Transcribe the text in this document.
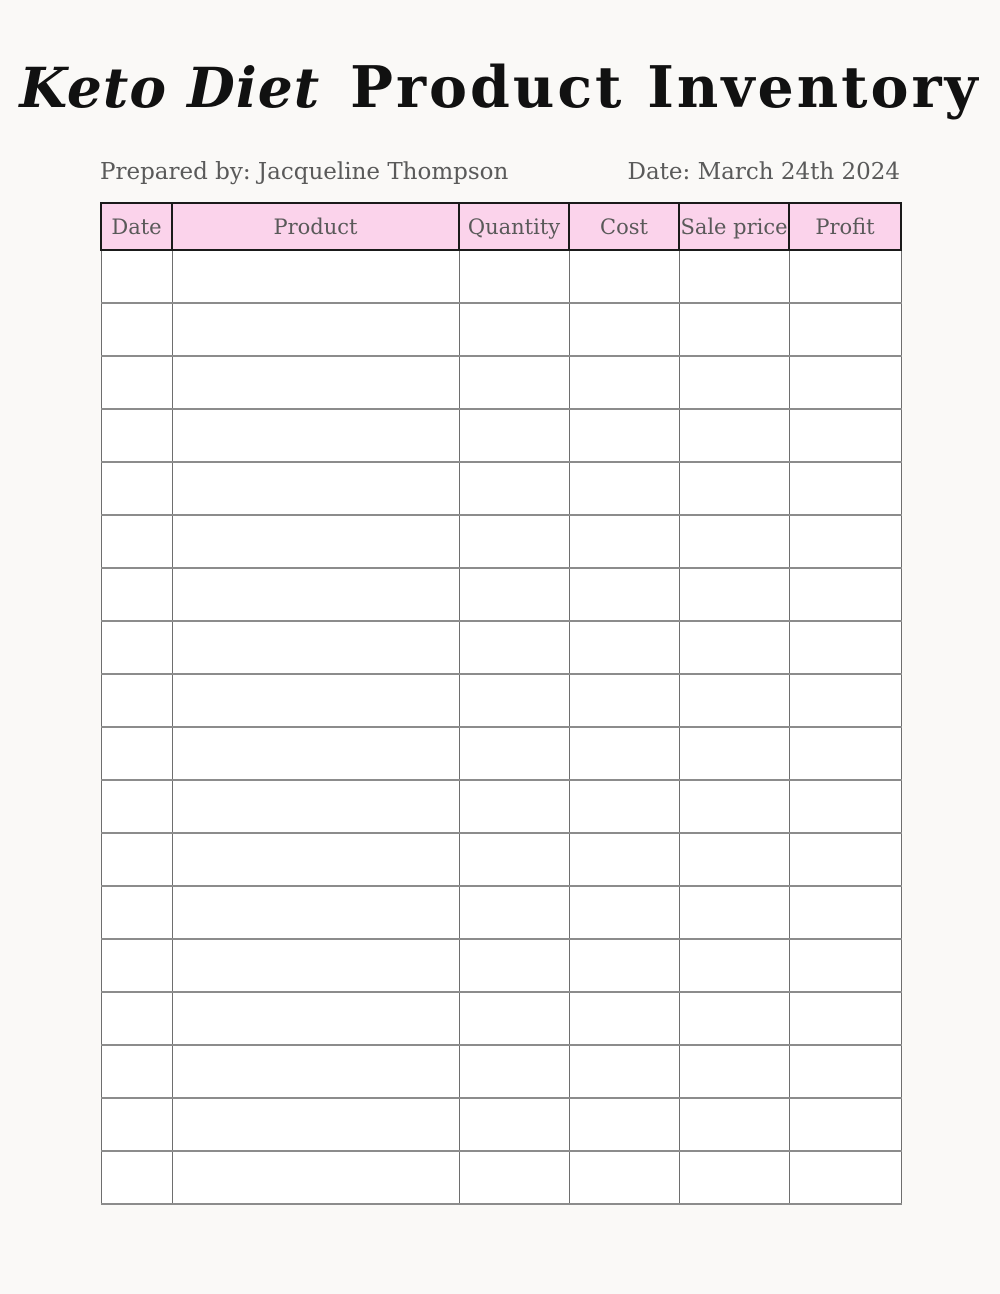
Keto Diet Product Inventory
Prepared by: Jacqueline Thompson	Date: March 24th 2024
Date	Product	Quantity	Cost	Sale price	Profit
